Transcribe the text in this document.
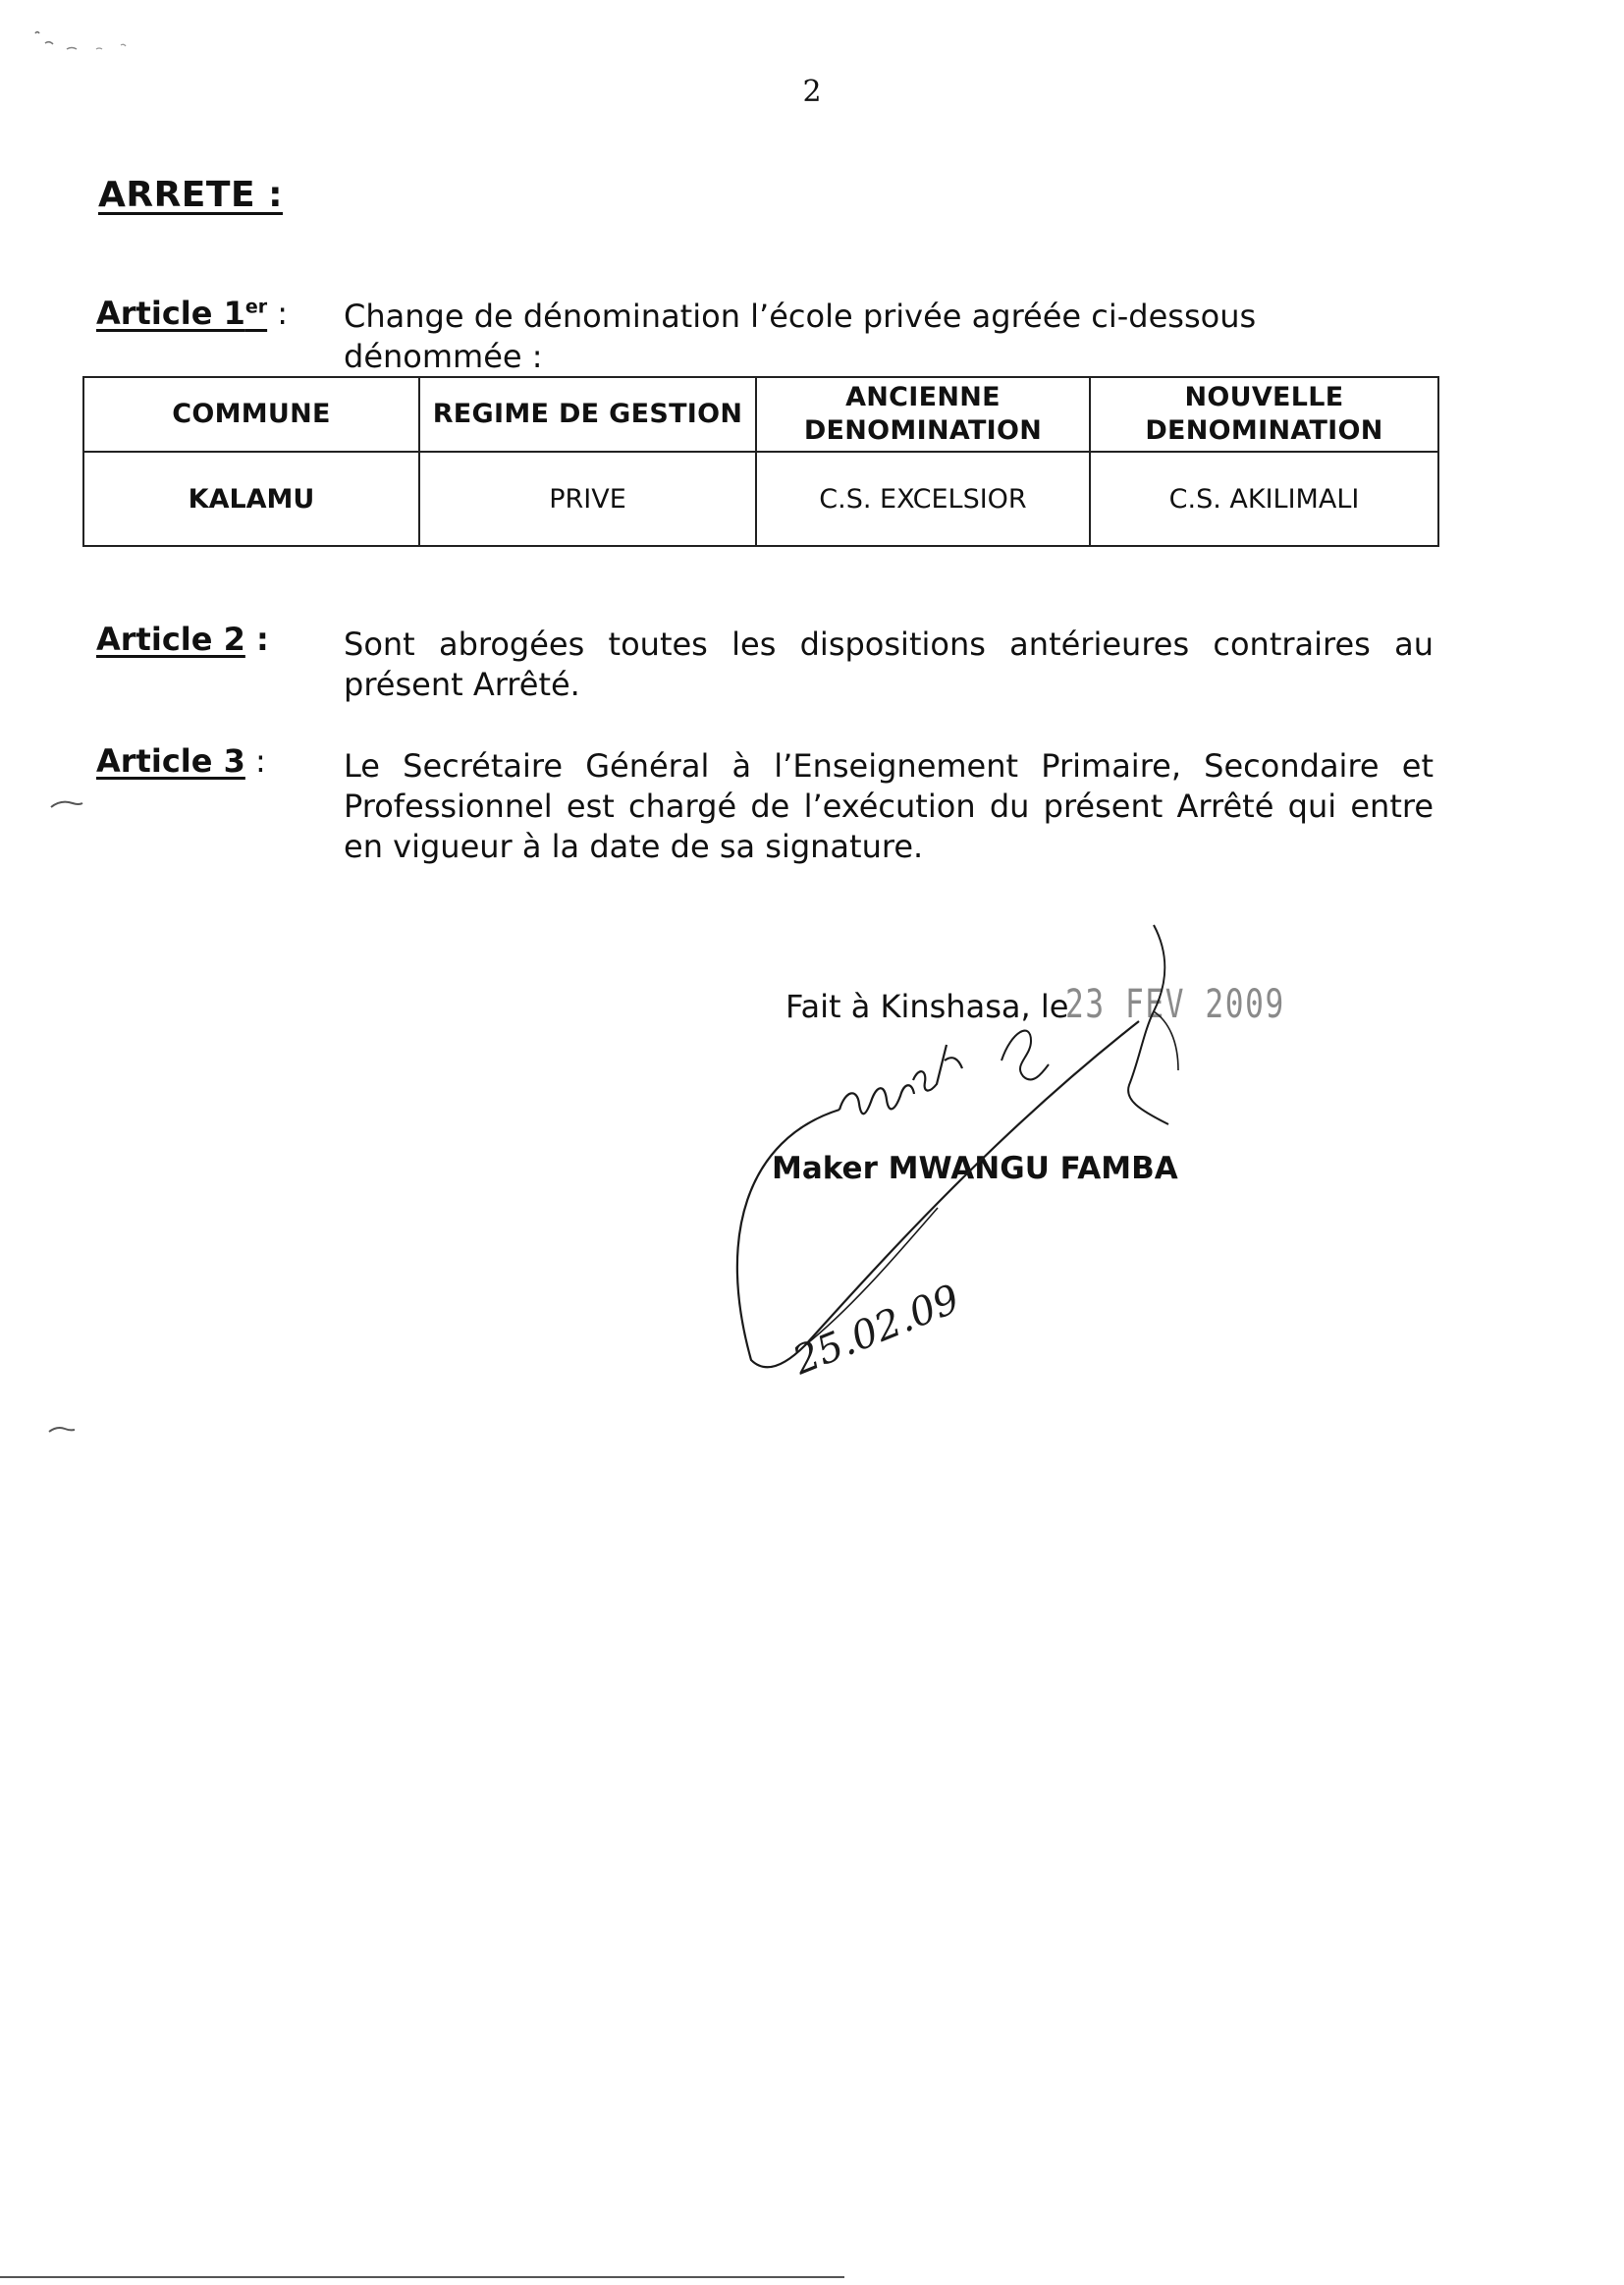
2
ARRETE :
Article 1er : Change de dénomination l’école privée agréée ci-dessous dénommée :
COMMUNE	REGIME DE GESTION	ANCIENNE DENOMINATION	NOUVELLE DENOMINATION
KALAMU	PRIVE	C.S. EXCELSIOR	C.S. AKILIMALI
Article 2 : Sont abrogées toutes les dispositions antérieures contraires au présent Arrêté.
Article 3 : Le Secrétaire Général à l’Enseignement Primaire, Secondaire et Professionnel est chargé de l’exécution du présent Arrêté qui entre en vigueur à la date de sa signature.
Fait à Kinshasa, le
23 FEV 2009
Maker MWANGU FAMBA
25.02.09
